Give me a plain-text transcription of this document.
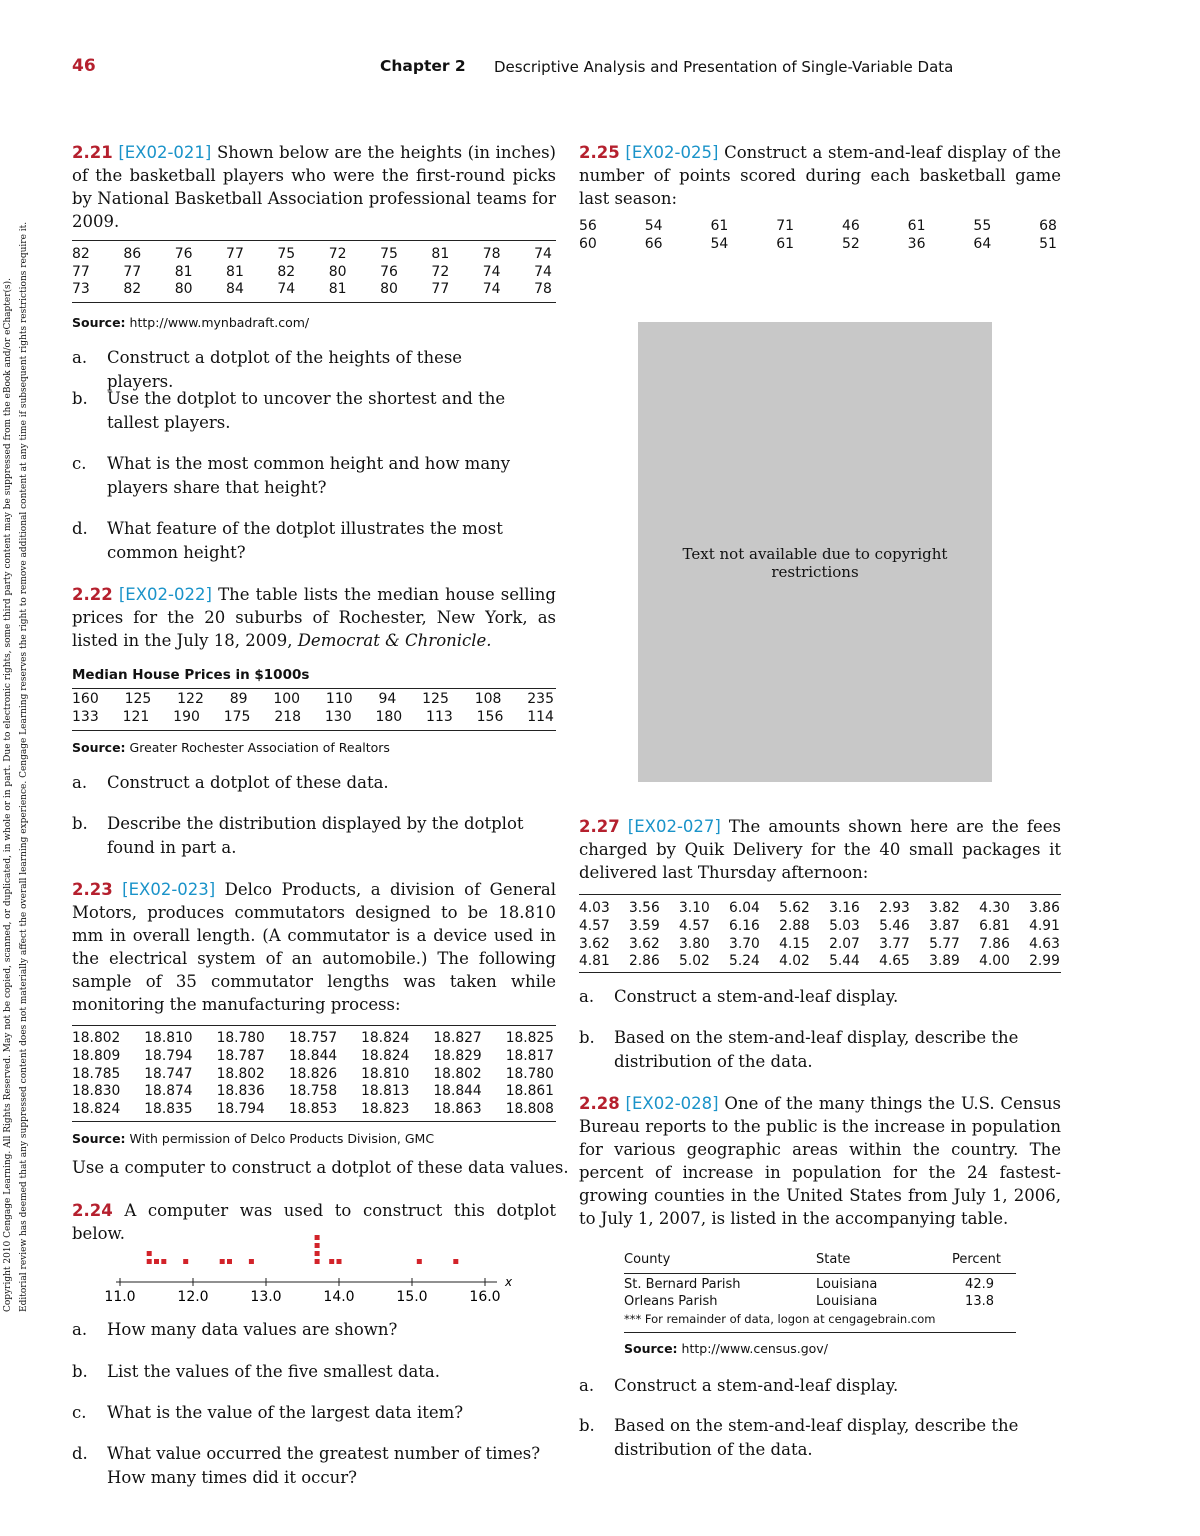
46	Chapter 2 Descriptive Analysis and Presentation of Single-Variable Data
Copyright 2010 Cengage Learning. All Rights Reserved. May not be copied, scanned, or duplicated, in whole or in part. Due to electronic rights, some third party content may be suppressed from the eBook and/or eChapter(s). Editorial review has deemed that any suppressed content does not materially affect the overall learning experience. Cengage Learning reserves the right to remove additional content at any time if subsequent rights restrictions require it.
2.21 [EX02-021] Shown below are the heights (in inches) of the basketball players who were the first-round picks by National Basketball Association professional teams for 2009.
82 86 76 77 75 72 75 81 78 74
77 77 81 81 82 80 76 72 74 74
73 82 80 84 74 81 80 77 74 78
Source: http://www.mynbadraft.com/
a. Construct a dotplot of the heights of these players.
b. Use the dotplot to uncover the shortest and the tallest players.
c. What is the most common height and how many players share that height?
d. What feature of the dotplot illustrates the most common height?
2.22 [EX02-022] The table lists the median house selling prices for the 20 suburbs of Rochester, New York, as listed in the July 18, 2009, Democrat & Chronicle.
Median House Prices in $1000s
160 125 122 89 100 110 94 125 108 235
133 121 190 175 218 130 180 113 156 114
Source: Greater Rochester Association of Realtors
a. Construct a dotplot of these data.
b. Describe the distribution displayed by the dotplot found in part a.
2.23 [EX02-023] Delco Products, a division of General Motors, produces commutators designed to be 18.810 mm in overall length. (A commutator is a device used in the electrical system of an automobile.) The following sample of 35 commutator lengths was taken while monitoring the manufacturing process:
18.802 18.810 18.780 18.757 18.824 18.827 18.825
18.809 18.794 18.787 18.844 18.824 18.829 18.817
18.785 18.747 18.802 18.826 18.810 18.802 18.780
18.830 18.874 18.836 18.758 18.813 18.844 18.861
18.824 18.835 18.794 18.853 18.823 18.863 18.808
Source: With permission of Delco Products Division, GMC
Use a computer to construct a dotplot of these data values.
2.24 A computer was used to construct this dotplot below.
11.0	12.0	13.0	14.0	15.0	16.0
x
a. How many data values are shown?
b. List the values of the five smallest data.
c. What is the value of the largest data item?
d. What value occurred the greatest number of times? How many times did it occur?
2.25 [EX02-025] Construct a stem-and-leaf display of the number of points scored during each basketball game last season:
56	54	61	71	46	61	55	68
60	66	54	61	52	36	64	51
Text not available due to copyright restrictions
2.27 [EX02-027] The amounts shown here are the fees charged by Quik Delivery for the 40 small packages it delivered last Thursday afternoon:
4.03 3.56 3.10 6.04 5.62 3.16 2.93 3.82 4.30 3.86
4.57 3.59 4.57 6.16 2.88 5.03 5.46 3.87 6.81 4.91
3.62 3.62 3.80 3.70 4.15 2.07 3.77 5.77 7.86 4.63
4.81 2.86 5.02 5.24 4.02 5.44 4.65 3.89 4.00 2.99
a. Construct a stem-and-leaf display.
b. Based on the stem-and-leaf display, describe the distribution of the data.
2.28 [EX02-028] One of the many things the U.S. Census Bureau reports to the public is the increase in population for various geographic areas within the country. The percent of increase in population for the 24 fastest-growing counties in the United States from July 1, 2006, to July 1, 2007, is listed in the accompanying table.
County	State	Percent
St. Bernard Parish	Louisiana	42.9
Orleans Parish	Louisiana	13.8
*** For remainder of data, logon at cengagebrain.com
Source: http://www.census.gov/
a. Construct a stem-and-leaf display.
b. Based on the stem-and-leaf display, describe the distribution of the data.
